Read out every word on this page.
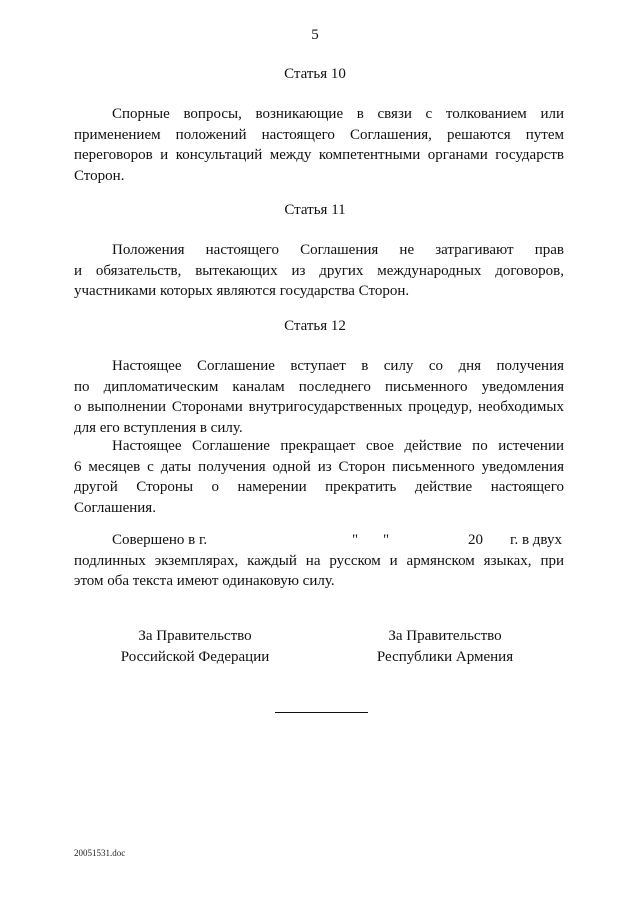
5
Статья 10
Спорные вопросы, возникающие в связи с толкованием или
применением положений настоящего Соглашения, решаются путем
переговоров и консультаций между компетентными органами государств
Сторон.
Статья 11
Положения настоящего Соглашения не затрагивают прав
и обязательств, вытекающих из других международных договоров,
участниками которых являются государства Сторон.
Статья 12
Настоящее Соглашение вступает в силу со дня получения
по дипломатическим каналам последнего письменного уведомления
о выполнении Сторонами внутригосударственных процедур, необходимых
для его вступления в силу.
Настоящее Соглашение прекращает свое действие по истечении
6 месяцев с даты получения одной из Сторон письменного уведомления
другой Стороны о намерении прекратить действие настоящего
Соглашения.
Совершено в г.	" "	20 г. в двух
подлинных экземплярах, каждый на русском и армянском языках, при
этом оба текста имеют одинаковую силу.
За Правительство
Российской Федерации
За Правительство
Республики Армения
20051531.doc
